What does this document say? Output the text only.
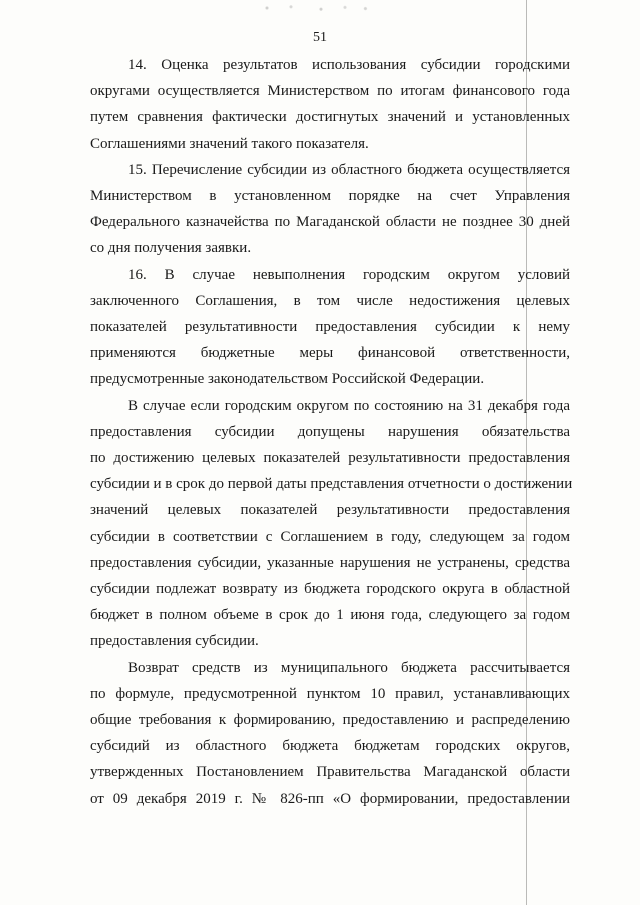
51

14. Оценка результатов использования субсидии городскими
округами осуществляется Министерством по итогам финансового года
путем сравнения фактически достигнутых значений и установленных
Соглашениями значений такого показателя.

15. Перечисление субсидии из областного бюджета осуществляется
Министерством в установленном порядке на счет Управления
Федерального казначейства по Магаданской области не позднее 30 дней
со дня получения заявки.

16. В случае невыполнения городским округом условий
заключенного Соглашения, в том числе недостижения целевых
показателей результативности предоставления субсидии к нему
применяются бюджетные меры финансовой ответственности,
предусмотренные законодательством Российской Федерации.

В случае если городским округом по состоянию на 31 декабря года
предоставления субсидии допущены нарушения обязательства
по достижению целевых показателей результативности предоставления
субсидии и в срок до первой даты представления отчетности о достижении
значений целевых показателей результативности предоставления
субсидии в соответствии с Соглашением в году, следующем за годом
предоставления субсидии, указанные нарушения не устранены, средства
субсидии подлежат возврату из бюджета городского округа в областной
бюджет в полном объеме в срок до 1 июня года, следующего за годом
предоставления субсидии.

Возврат средств из муниципального бюджета рассчитывается
по формуле, предусмотренной пунктом 10 правил, устанавливающих
общие требования к формированию, предоставлению и распределению
субсидий из областного бюджета бюджетам городских округов,
утвержденных Постановлением Правительства Магаданской области
от 09 декабря 2019 г. № 826-пп «О формировании, предоставлении
